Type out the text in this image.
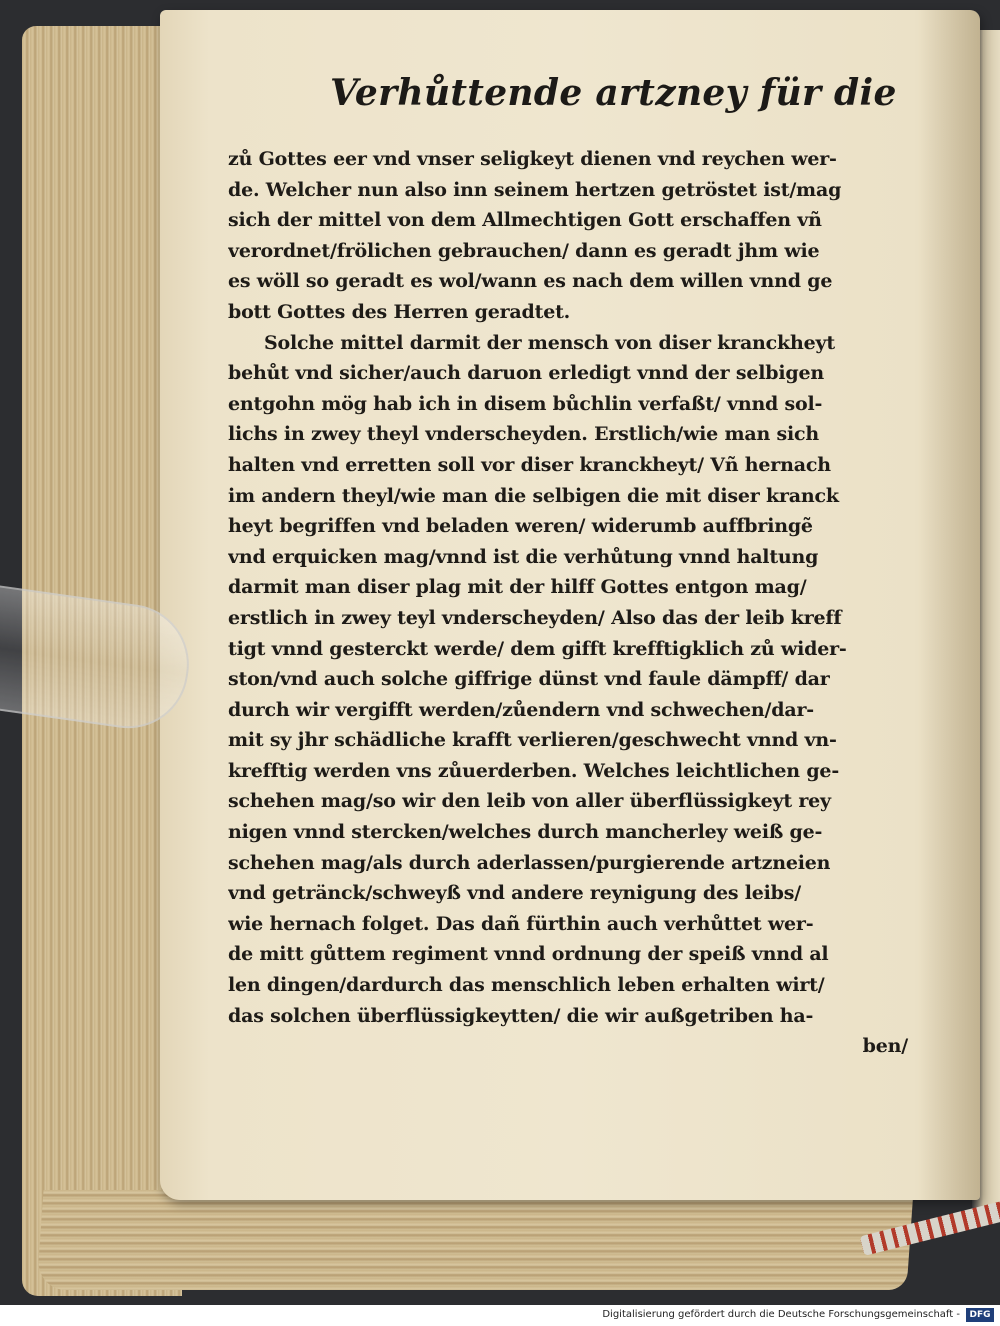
Verhůttende artzney für die
zů Gottes eer vnd vnser seligkeyt dienen vnd reychen wer-
de. Welcher nun also inn seinem hertzen getröstet ist/mag
sich der mittel von dem Allmechtigen Gott erschaffen vñ
verordnet/frölichen gebrauchen/ dann es geradt jhm wie
es wöll so geradt es wol/wann es nach dem willen vnnd ge
bott Gottes des Herren geradtet.
Solche mittel darmit der mensch von diser kranckheyt
behůt vnd sicher/auch daruon erledigt vnnd der selbigen
entgohn mög hab ich in disem bůchlin verfaßt/ vnnd sol-
lichs in zwey theyl vnderscheyden. Erstlich/wie man sich
halten vnd erretten soll vor diser kranckheyt/ Vñ hernach
im andern theyl/wie man die selbigen die mit diser kranck
heyt begriffen vnd beladen weren/ widerumb auffbringẽ
vnd erquicken mag/vnnd ist die verhůtung vnnd haltung
darmit man diser plag mit der hilff Gottes entgon mag/
erstlich in zwey teyl vnderscheyden/ Also das der leib kreff
tigt vnnd gesterckt werde/ dem gifft krefftigklich zů wider-
ston/vnd auch solche giffrige dünst vnd faule dämpff/ dar
durch wir vergifft werden/zůendern vnd schwechen/dar-
mit sy jhr schädliche krafft verlieren/geschwecht vnnd vn-
krefftig werden vns zůuerderben. Welches leichtlichen ge-
schehen mag/so wir den leib von aller überflüssigkeyt rey
nigen vnnd stercken/welches durch mancherley weiß ge-
schehen mag/als durch aderlassen/purgierende artzneien
vnd getränck/schweyß vnd andere reynigung des leibs/
wie hernach folget. Das dañ fürthin auch verhůttet wer-
de mitt gůttem regiment vnnd ordnung der speiß vnnd al
len dingen/dardurch das menschlich leben erhalten wirt/
das solchen überflüssigkeytten/ die wir außgetriben ha-
ben/
Digitalisierung gefördert durch die Deutsche Forschungsgemeinschaft -	DFG
